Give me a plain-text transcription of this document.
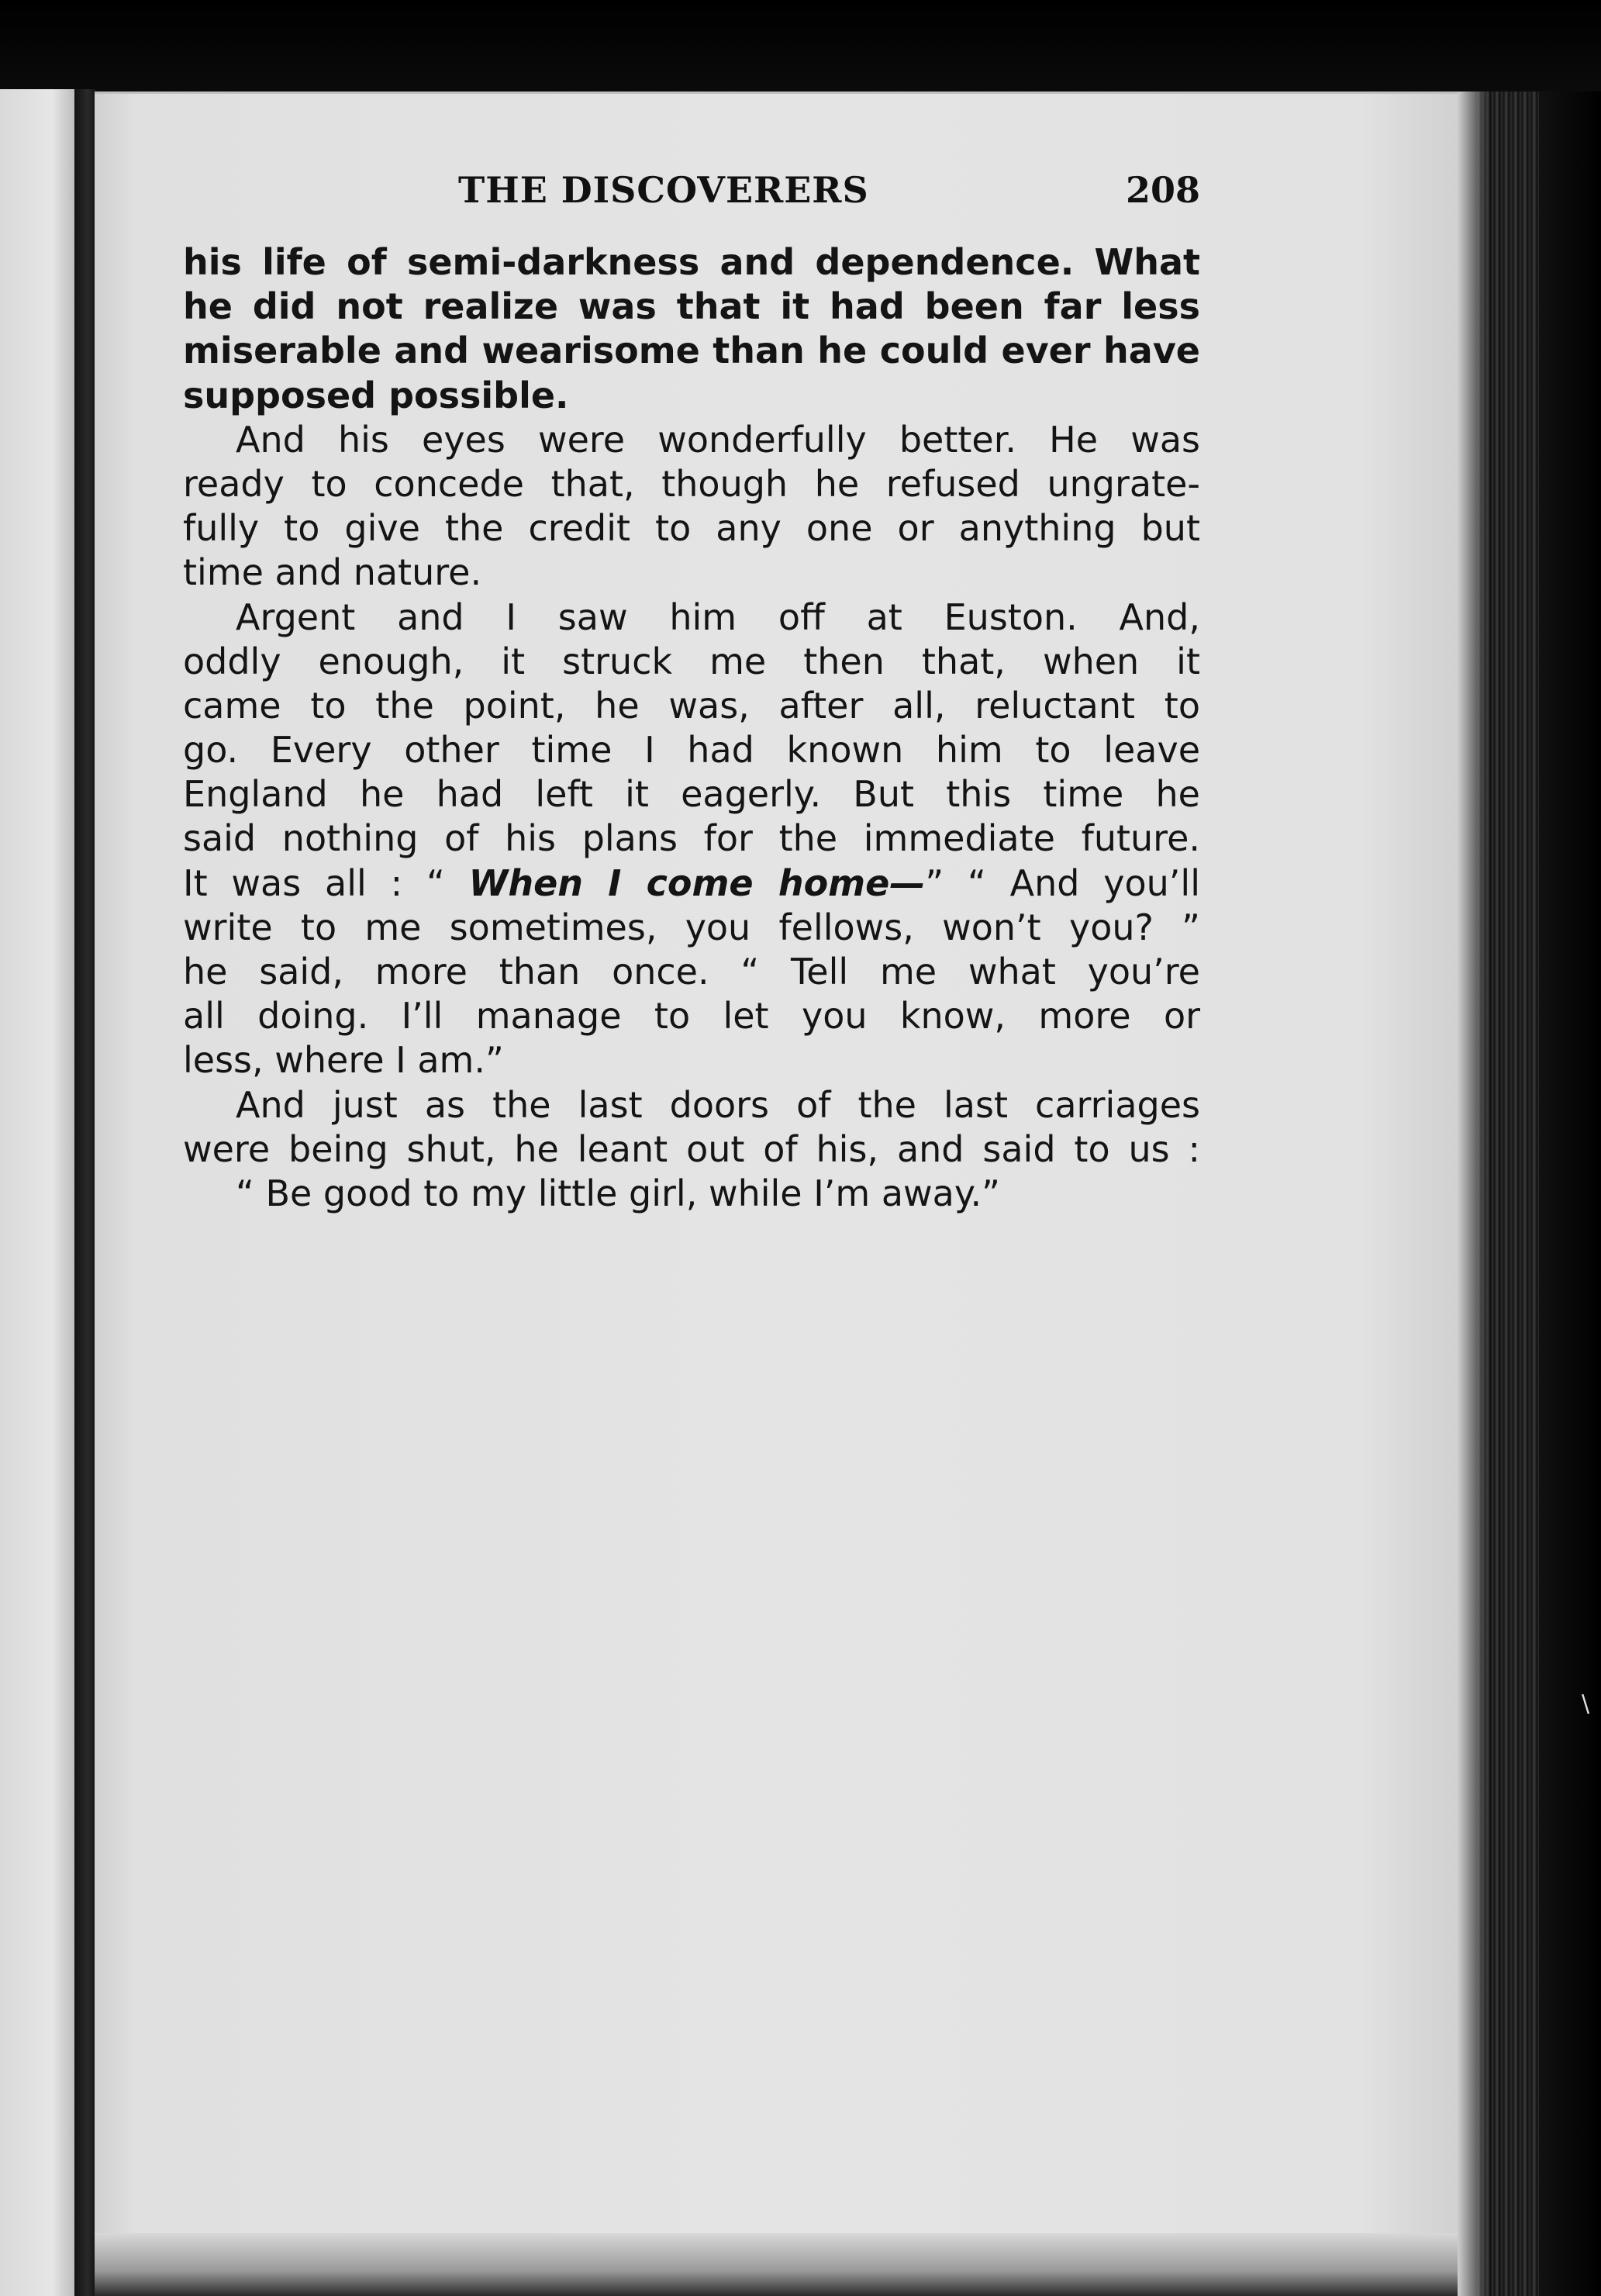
\
THE DISCOVERERS	208
his life of semi-darkness and dependence. What
he did not realize was that it had been far less
miserable and wearisome than he could ever have
supposed possible.
And his eyes were wonderfully better. He was
ready to concede that, though he refused ungrate-
fully to give the credit to any one or anything but
time and nature.
Argent and I saw him off at Euston. And,
oddly enough, it struck me then that, when it
came to the point, he was, after all, reluctant to
go. Every other time I had known him to leave
England he had left it eagerly. But this time he
said nothing of his plans for the immediate future.
It was all : “ When I come home—” “ And you’ll
write to me sometimes, you fellows, won’t you? ”
he said, more than once. “ Tell me what you’re
all doing. I’ll manage to let you know, more or
less, where I am.”
And just as the last doors of the last carriages
were being shut, he leant out of his, and said to us :
“ Be good to my little girl, while I’m away.”
